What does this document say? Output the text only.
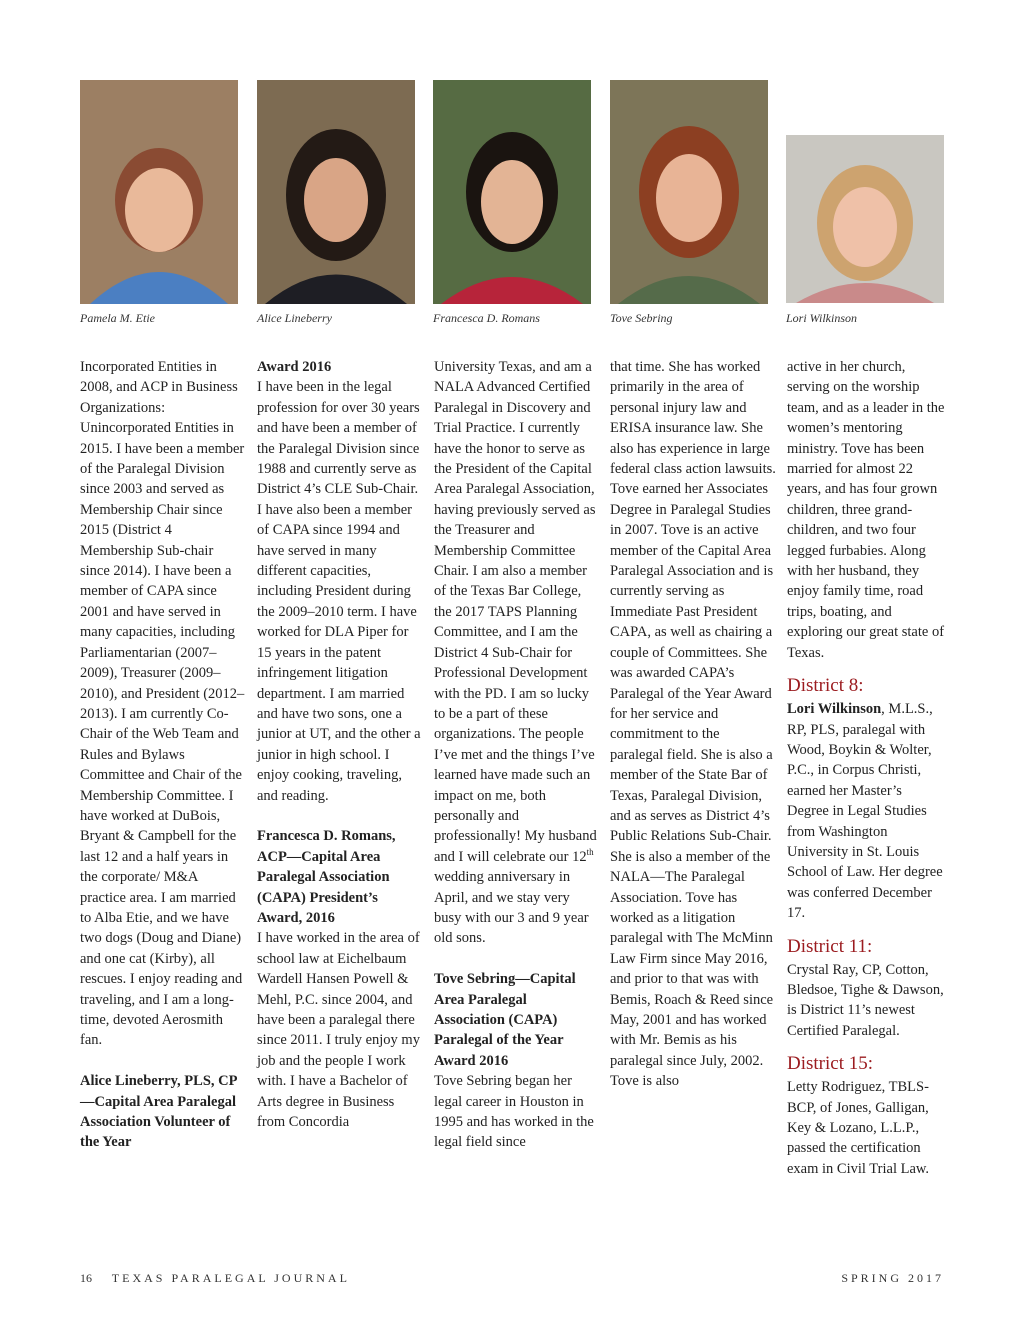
Pamela M. Etie	Alice Lineberry	Francesca D. Romans	Tove Sebring	Lori Wilkinson

Incorporated Entities in 2008, and ACP in Business Organizations: Unincorporated Entities in 2015. I have been a member of the Paralegal Division since 2003 and served as Membership Chair since 2015 (District 4 Membership Sub-chair since 2014). I have been a member of CAPA since 2001 and have served in many capacities, including Parliamentarian (2007–2009), Treasurer (2009–2010), and President (2012–2013). I am currently Co-Chair of the Web Team and Rules and Bylaws Committee and Chair of the Membership Committee. I have worked at DuBois, Bryant & Campbell for the last 12 and a half years in the corporate/ M&A practice area. I am married to Alba Etie, and we have two dogs (Doug and Diane) and one cat (Kirby), all rescues. I enjoy reading and traveling, and I am a long-time, devoted Aerosmith fan.

Alice Lineberry, PLS, CP—Capital Area Paralegal Association Volunteer of the Year

Award 2016

I have been in the legal profession for over 30 years and have been a member of the Paralegal Division since 1988 and currently serve as District 4’s CLE Sub-Chair. I have also been a member of CAPA since 1994 and have served in many different capacities, including President during the 2009–2010 term. I have worked for DLA Piper for 15 years in the patent infringement litigation department. I am married and have two sons, one a junior at UT, and the other a junior in high school. I enjoy cooking, traveling, and reading.

Francesca D. Romans, ACP—Capital Area Paralegal Association (CAPA) President’s Award, 2016

I have worked in the area of school law at Eichelbaum Wardell Hansen Powell & Mehl, P.C. since 2004, and have been a paralegal there since 2011. I truly enjoy my job and the people I work with. I have a Bachelor of Arts degree in Business from Concordia

University Texas, and am a NALA Advanced Certified Paralegal in Discovery and Trial Practice. I currently have the honor to serve as the President of the Capital Area Paralegal Association, having previously served as the Treasurer and Membership Committee Chair. I am also a member of the Texas Bar College, the 2017 TAPS Planning Committee, and I am the District 4 Sub-Chair for Professional Development with the PD. I am so lucky to be a part of these organizations. The people I’ve met and the things I’ve learned have made such an impact on me, both personally and professionally! My husband and I will celebrate our 12th wedding anniversary in April, and we stay very busy with our 3 and 9 year old sons.

Tove Sebring—Capital Area Paralegal Association (CAPA) Paralegal of the Year Award 2016

Tove Sebring began her legal career in Houston in 1995 and has worked in the legal field since

that time. She has worked primarily in the area of personal injury law and ERISA insurance law. She also has experience in large federal class action lawsuits. Tove earned her Associates Degree in Paralegal Studies in 2007. Tove is an active member of the Capital Area Paralegal Association and is currently serving as Immediate Past President CAPA, as well as chairing a couple of Committees. She was awarded CAPA’s Paralegal of the Year Award for her service and commitment to the paralegal field. She is also a member of the State Bar of Texas, Paralegal Division, and as serves as District 4’s Public Relations Sub-Chair. She is also a member of the NALA—The Paralegal Association. Tove has worked as a litigation paralegal with The McMinn Law Firm since May 2016, and prior to that was with Bemis, Roach & Reed since May, 2001 and has worked with Mr. Bemis as his paralegal since July, 2002. Tove is also

active in her church, serving on the worship team, and as a leader in the women’s mentoring ministry. Tove has been married for almost 22 years, and has four grown children, three grand-children, and two four legged furbabies. Along with her husband, they enjoy family time, road trips, boating, and exploring our great state of Texas.

District 8:

Lori Wilkinson, M.L.S., RP, PLS, paralegal with Wood, Boykin & Wolter, P.C., in Corpus Christi, earned her Master’s Degree in Legal Studies from Washington University in St. Louis School of Law. Her degree was conferred December 17.

District 11:

Crystal Ray, CP, Cotton, Bledsoe, Tighe & Dawson, is District 11’s newest Certified Paralegal.

District 15:

Letty Rodriguez, TBLS-BCP, of Jones, Galligan, Key & Lozano, L.L.P., passed the certification exam in Civil Trial Law.

16 TEXAS PARALEGAL JOURNAL	SPRING 2017
